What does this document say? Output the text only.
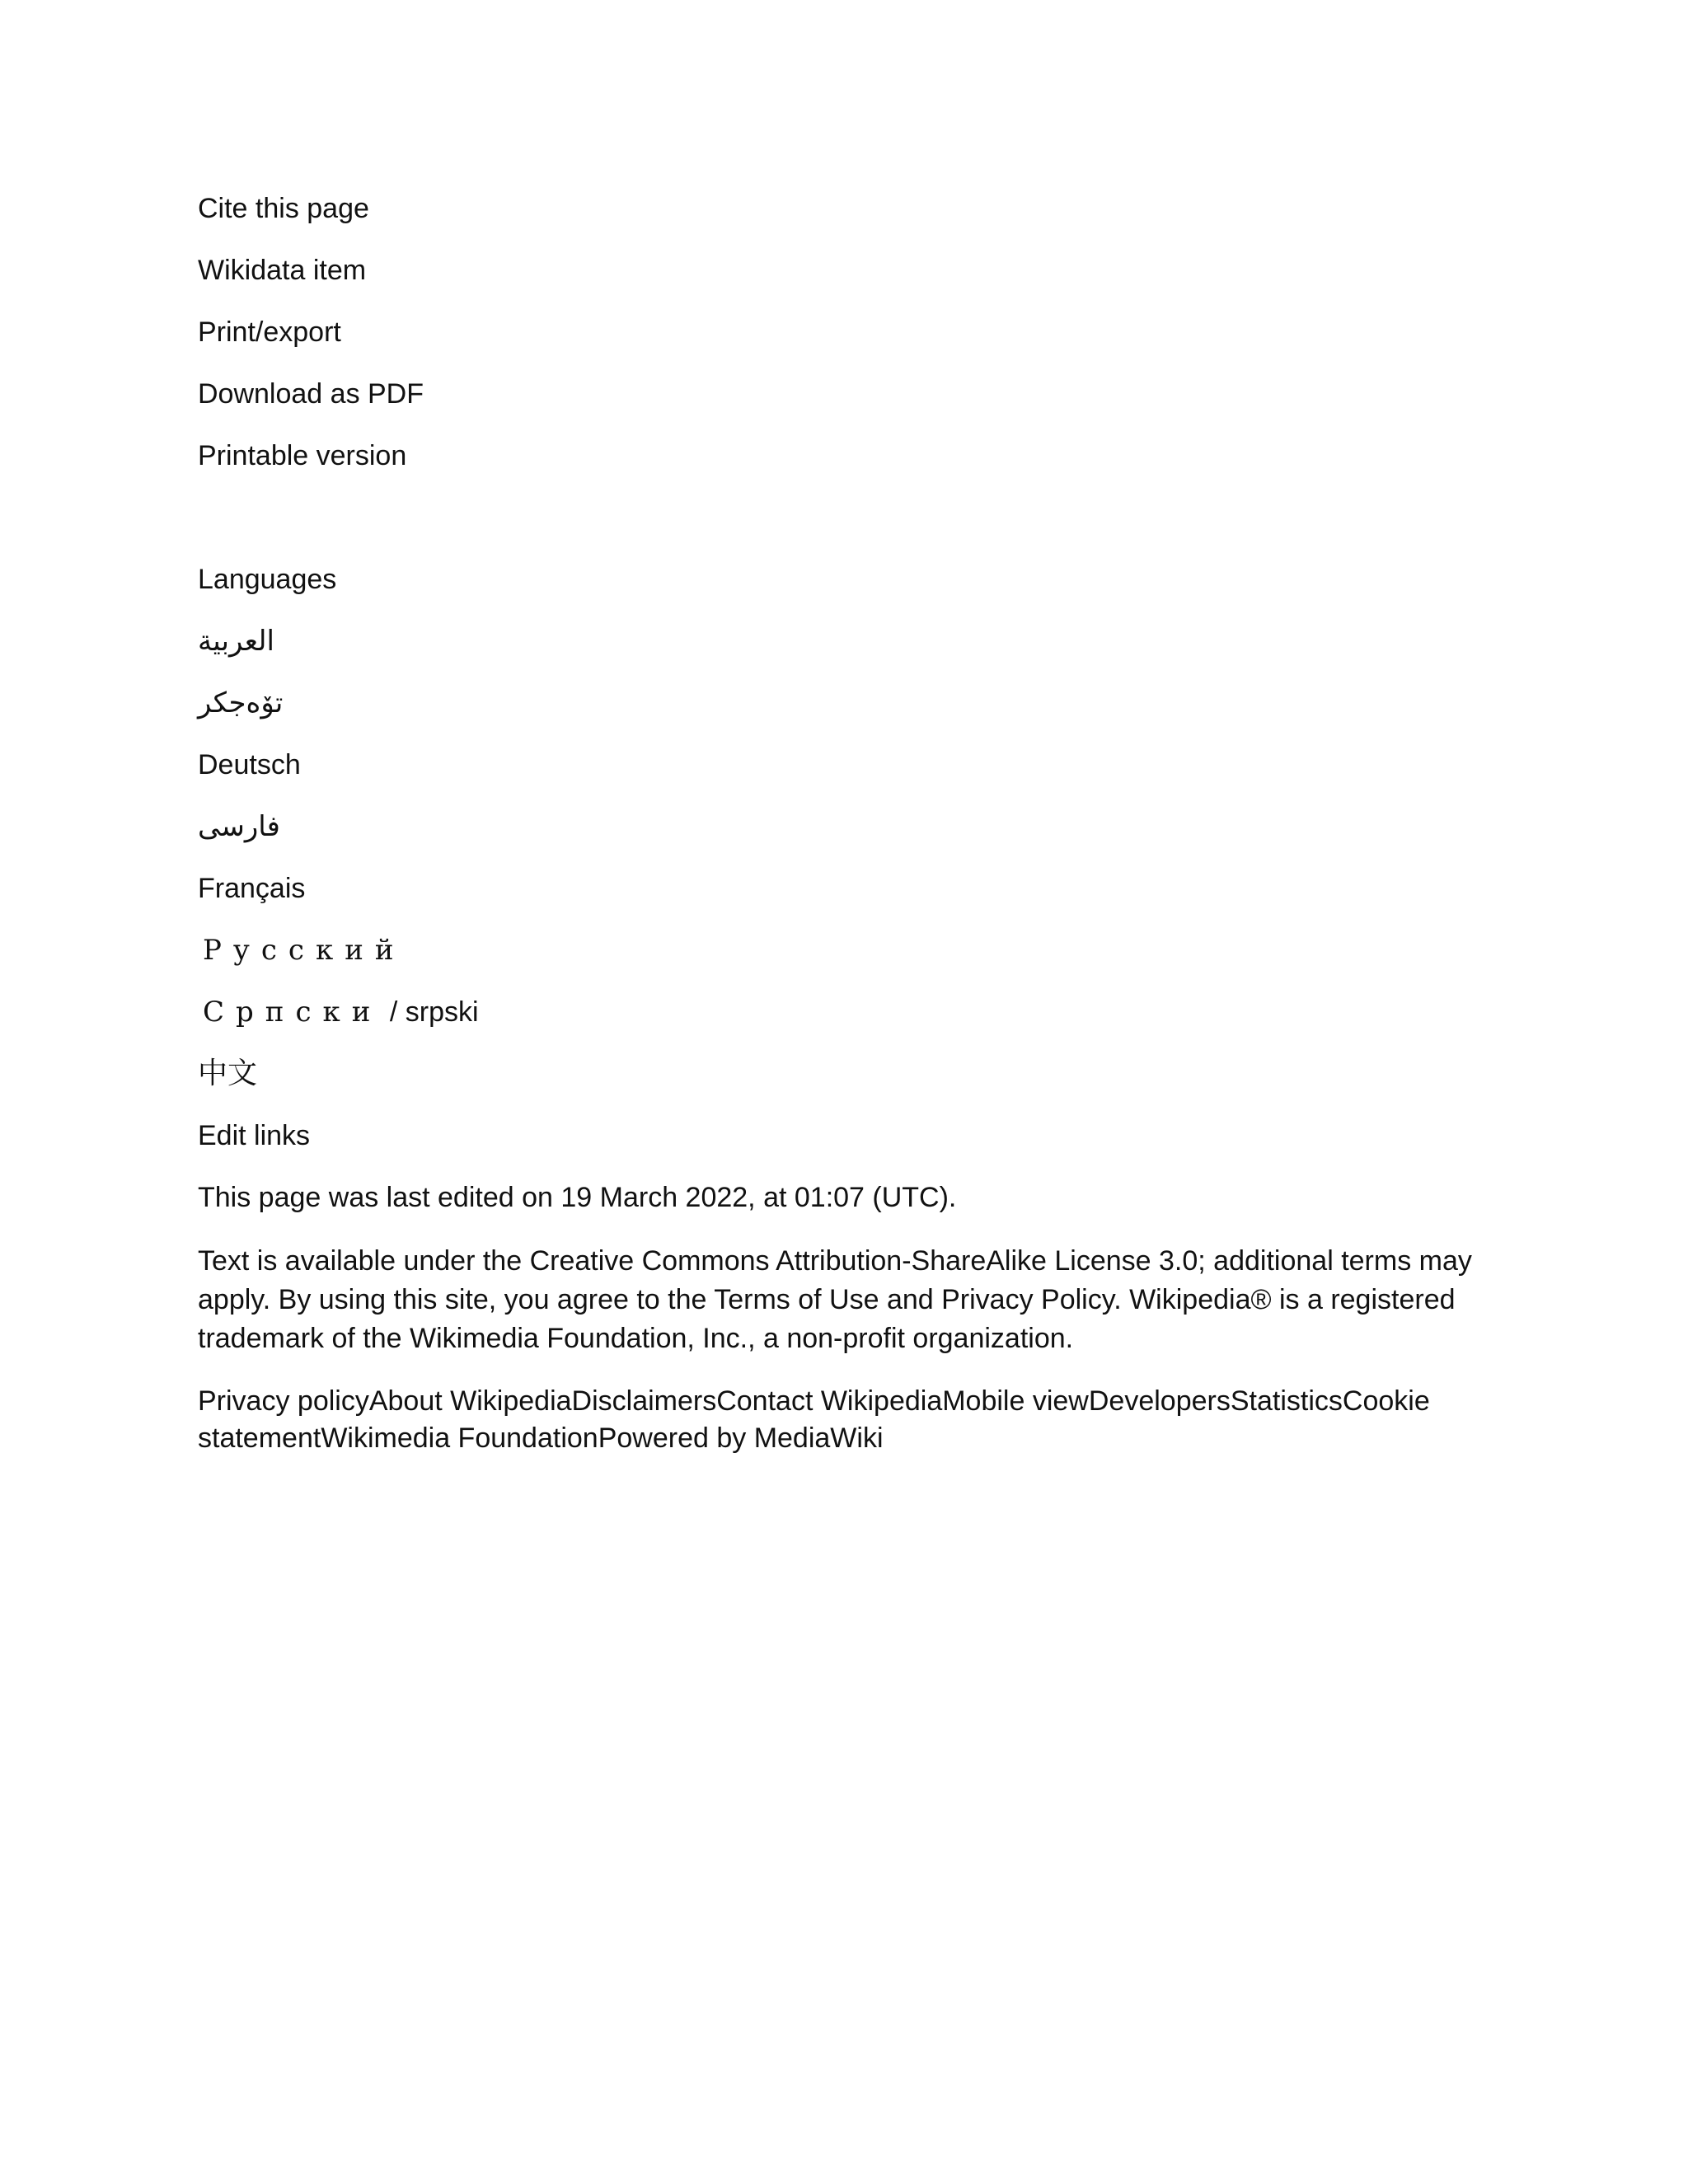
Cite this page
Wikidata item
Print/export
Download as PDF
Printable version
Languages
العربية
تۆەجکر
Deutsch
فارسی
Français
Русский
Српски / srpski
中文
Edit links
This page was last edited on 19 March 2022, at 01:07 (UTC).
Text is available under the Creative Commons Attribution-ShareAlike License 3.0; additional terms may apply. By using this site, you agree to the Terms of Use and Privacy Policy. Wikipedia® is a registered trademark of the Wikimedia Foundation, Inc., a non-profit organization.
Privacy policyAbout WikipediaDisclaimersContact WikipediaMobile viewDevelopersStatisticsCookie statementWikimedia FoundationPowered by MediaWiki
